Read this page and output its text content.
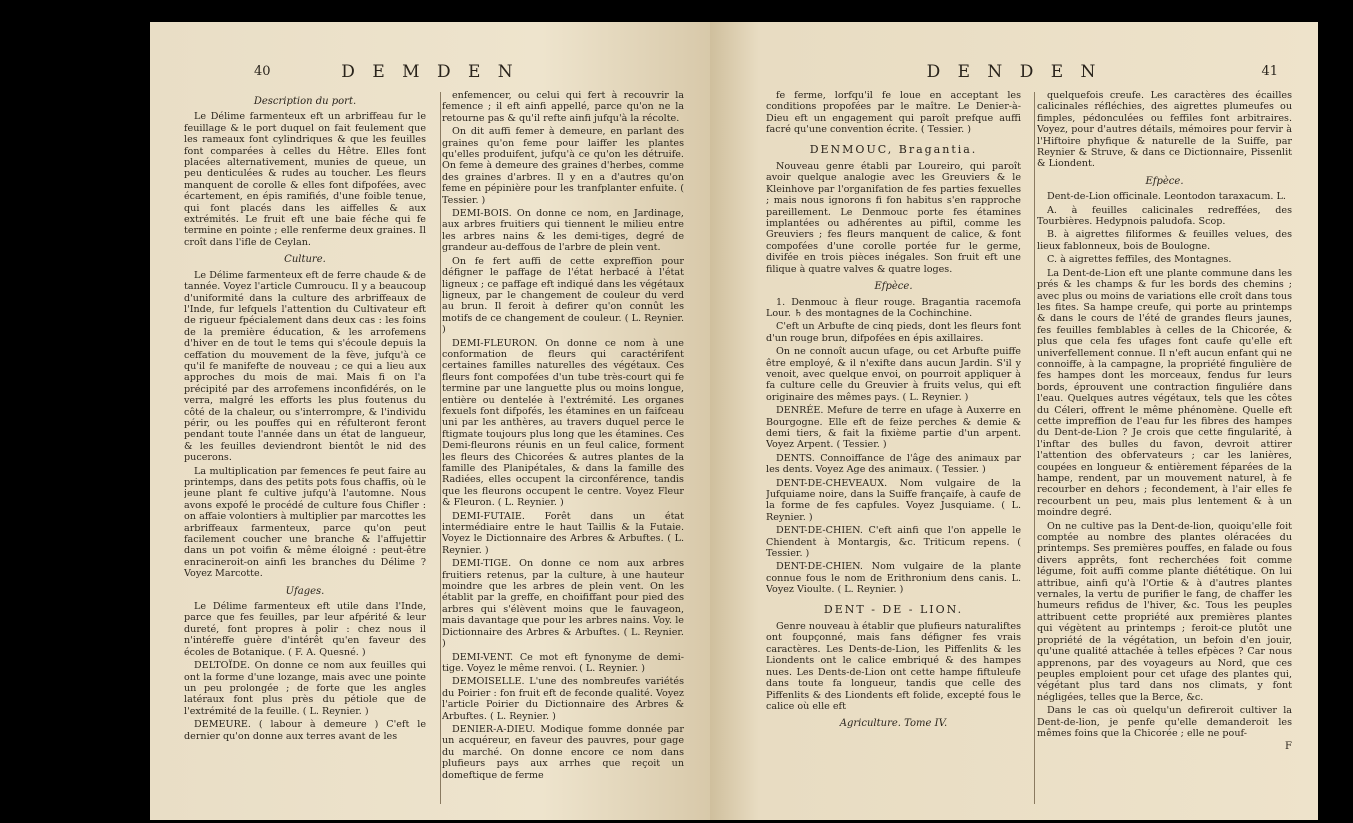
40	D E M D E N
Description du port.

Le Délime farmenteux eft un arbriffeau fur le feuillage & le port duquel on fait feulement que les rameaux font cylindriques & que les feuilles font comparées à celles du Hêtre. Elles font placées alternativement, munies de queue, un peu denticulées & rudes au toucher. Les fleurs manquent de corolle & elles font difpofées, avec écartement, en épis ramifiés, d'une foible tenue, qui font placés dans les aiffelles & aux extrémités. Le fruit eft une baie féche qui fe termine en pointe ; elle renferme deux graines. Il croît dans l'ifle de Ceylan.

Culture.

Le Délime farmenteux eft de ferre chaude & de tannée. Voyez l'article Cumroucu. Il y a beaucoup d'uniformité dans la culture des arbriffeaux de l'Inde, fur lefquels l'attention du Cultivateur eft de rigueur fpécialement dans deux cas : les foins de la première éducation, & les arrofemens d'hiver en de tout le tems qui s'écoule depuis la ceffation du mouvement de la fève, jufqu'à ce qu'il fe manifefte de nouveau ; ce qui a lieu aux approches du mois de mai. Mais fi on l'a précipité par des arrofemens inconfidérés, on le verra, malgré les efforts les plus foutenus du côté de la chaleur, ou s'interrompre, & l'individu périr, ou les pouffes qui en réfulteront feront pendant toute l'année dans un état de langueur, & les feuilles deviendront bientôt le nid des pucerons.

La multiplication par femences fe peut faire au printemps, dans des petits pots fous chaffis, où le jeune plant fe cultive jufqu'à l'automne. Nous avons expofé le procédé de culture fous Chifler : on affaie volontiers à multiplier par marcottes les arbriffeaux farmenteux, parce qu'on peut facilement coucher une branche & l'affujettir dans un pot voifin & même éloigné : peut-être enracineroit-on ainfi les branches du Délime ? Voyez Marcotte.

Ufages.

Le Délime farmenteux eft utile dans l'Inde, parce que fes feuilles, par leur afpérité & leur dureté, font propres à polir : chez nous il n'intéreffe guère d'intérêt qu'en faveur des écoles de Botanique. ( F. A. Quesné. )

DELTOÏDE. On donne ce nom aux feuilles qui ont la forme d'une lozange, mais avec une pointe un peu prolongée ; de forte que les angles latéraux font plus près du pétiole que de l'extrémité de la feuille. ( L. Reynier. )

DEMEURE. ( labour à demeure ) C'eft le dernier qu'on donne aux terres avant de les

enfemencer, ou celui qui fert à recouvrir la femence ; il eft ainfi appellé, parce qu'on ne la retourne pas & qu'il refte ainfi jufqu'à la récolte.

On dit auffi femer à demeure, en parlant des graines qu'on feme pour laiffer les plantes qu'elles produifent, jufqu'à ce qu'on les détruife. On feme à demeure des graines d'herbes, comme des graines d'arbres. Il y en a d'autres qu'on feme en pépinière pour les tranfplanter enfuite. ( Tessier. )

DEMI-BOIS. On donne ce nom, en Jardinage, aux arbres fruitiers qui tiennent le milieu entre les arbres nains & les demi-tiges, degré de grandeur au-deffous de l'arbre de plein vent.

On fe fert auffi de cette expreffion pour défigner le paffage de l'état herbacé à l'état ligneux ; ce paffage eft indiqué dans les végétaux ligneux, par le changement de couleur du verd au brun. Il feroit à defirer qu'on connût les motifs de ce changement de couleur. ( L. Reynier. )

DEMI-FLEURON. On donne ce nom à une conformation de fleurs qui caractérifent certaines familles naturelles des végétaux. Ces fleurs font compofées d'un tube très-court qui fe termine par une languette plus ou moins longue, entière ou dentelée à l'extrémité. Les organes fexuels font difpofés, les étamines en un faifceau uni par les anthères, au travers duquel perce le ftigmate toujours plus long que les étamines. Ces Demi-fleurons réunis en un feul calice, forment les fleurs des Chicorées & autres plantes de la famille des Planipétales, & dans la famille des Radiées, elles occupent la circonférence, tandis que les fleurons occupent le centre. Voyez Fleur & Fleuron. ( L. Reynier. )

DEMI-FUTAIE. Forêt dans un état intermédiaire entre le haut Taillis & la Futaie. Voyez le Dictionnaire des Arbres & Arbuftes. ( L. Reynier. )

DEMI-TIGE. On donne ce nom aux arbres fruitiers retenus, par la culture, à une hauteur moindre que les arbres de plein vent. On les établit par la greffe, en choififfant pour pied des arbres qui s'élèvent moins que le fauvageon, mais davantage que pour les arbres nains. Voy. le Dictionnaire des Arbres & Arbuftes. ( L. Reynier. )

DEMI-VENT. Ce mot eft fynonyme de demi-tige. Voyez le même renvoi. ( L. Reynier. )

DEMOISELLE. L'une des nombreufes variétés du Poirier : fon fruit eft de feconde qualité. Voyez l'article Poirier du Dictionnaire des Arbres & Arbuftes. ( L. Reynier. )

DENIER-A-DIEU. Modique fomme donnée par un acquéreur, en faveur des pauvres, pour gage du marché. On donne encore ce nom dans plufieurs pays aux arrhes que reçoit un domeftique de ferme

41
D E N D E N

fe ferme, lorfqu'il fe loue en acceptant les conditions propofées par le maître. Le Denier-à-Dieu eft un engagement qui paroît prefque auffi facré qu'une convention écrite. ( Tessier. )

DENMOUC, Bragantia.

Nouveau genre établi par Loureiro, qui paroît avoir quelque analogie avec les Greuviers & le Kleinhove par l'organifation de fes parties fexuelles ; mais nous ignorons fi fon habitus s'en rapproche pareillement. Le Denmouc porte fes étamines implantées ou adhérentes au piftil, comme les Greuviers ; fes fleurs manquent de calice, & font compofées d'une corolle portée fur le germe, divifée en trois pièces inégales. Son fruit eft une filique à quatre valves & quatre loges.

Efpèce.

1. Denmouc à fleur rouge. Bragantia racemofa Lour. ♄ des montagnes de la Cochinchine.

C'eft un Arbufte de cinq pieds, dont les fleurs font d'un rouge brun, difpofées en épis axillaires.

On ne connoît aucun ufage, ou cet Arbufte puiffe être employé, & il n'exifte dans aucun Jardin. S'il y venoit, avec quelque envoi, on pourroit appliquer à fa culture celle du Greuvier à fruits velus, qui eft originaire des mêmes pays. ( L. Reynier. )

DENRÉE. Mefure de terre en ufage à Auxerre en Bourgogne. Elle eft de feize perches & demie & demi tiers, & fait la fixième partie d'un arpent. Voyez Arpent. ( Tessier. )

DENTS. Connoiffance de l'âge des animaux par les dents. Voyez Age des animaux. ( Tessier. )

DENT-DE-CHEVEAUX. Nom vulgaire de la Jufquiame noire, dans la Suiffe françaife, à caufe de la forme de fes capfules. Voyez Jusquiame. ( L. Reynier. )

DENT-DE-CHIEN. C'eft ainfi que l'on appelle le Chiendent à Montargis, &c. Triticum repens. ( Tessier. )

DENT-DE-CHIEN. Nom vulgaire de la plante connue fous le nom de Erithronium dens canis. L. Voyez Vioulte. ( L. Reynier. )

DENT - DE - LION.

Genre nouveau à établir que plufieurs naturaliftes ont foupçonné, mais fans défigner fes vrais caractères. Les Dents-de-Lion, les Piffenlits & les Liondents ont le calice embriqué & des hampes nues. Les Dents-de-Lion ont cette hampe fiftuleufe dans toute fa longueur, tandis que celle des Piffenlits & des Liondents eft folide, excepté fous le calice où elle eft

Agriculture. Tome IV.

quelquefois creufe. Les caractères des écailles calicinales réfléchies, des aigrettes plumeufes ou fimples, pédonculées ou feffiles font arbitraires. Voyez, pour d'autres détails, mémoires pour fervir à l'Hiftoire phyfique & naturelle de la Suiffe, par Reynier & Struve, & dans ce Dictionnaire, Pissenlit & Liondent.

Efpèce.

Dent-de-Lion officinale. Leontodon taraxacum. L.

A. à feuilles calicinales redreffées, des Tourbières. Hedypnois paludofa. Scop.

B. à aigrettes filiformes & feuilles velues, des lieux fablonneux, bois de Boulogne.

C. à aigrettes feffiles, des Montagnes.

La Dent-de-Lion eft une plante commune dans les prés & les champs & fur les bords des chemins ; avec plus ou moins de variations elle croît dans tous les fites. Sa hampe creufe, qui porte au printemps & dans le cours de l'été de grandes fleurs jaunes, fes feuilles femblables à celles de la Chicorée, & plus que cela fes ufages font caufe qu'elle eft univerfellement connue. Il n'eft aucun enfant qui ne connoiffe, à la campagne, la propriété fingulière de fes hampes dont les morceaux, fendus fur leurs bords, éprouvent une contraction finguliére dans l'eau. Quelques autres végétaux, tels que les côtes du Céleri, offrent le même phénomène. Quelle eft cette impreffion de l'eau fur les fibres des hampes du Dent-de-Lion ? Je crois que cette fingularité, à l'inftar des bulles du favon, devroit attirer l'attention des obfervateurs ; car les lanières, coupées en longueur & entièrement féparées de la hampe, rendent, par un mouvement naturel, à fe recourber en dehors ; fecondement, à l'air elles fe recourbent un peu, mais plus lentement & à un moindre degré.

On ne cultive pas la Dent-de-lion, quoiqu'elle foit comptée au nombre des plantes oléracées du printemps. Ses premières pouffes, en falade ou fous divers apprêts, font recherchées foit comme légume, foit auffi comme plante diététique. On lui attribue, ainfi qu'à l'Ortie & à d'autres plantes vernales, la vertu de purifier le fang, de chaffer les humeurs refidus de l'hiver, &c. Tous les peuples attribuent cette propriété aux premières plantes qui végètent au printemps ; feroit-ce plutôt une propriété de la végétation, un befoin d'en jouir, qu'une qualité attachée à telles efpèces ? Car nous apprenons, par des voyageurs au Nord, que ces peuples emploient pour cet ufage des plantes qui, végétant plus tard dans nos climats, y font négligées, telles que la Berce, &c.

Dans le cas où quelqu'un defireroit cultiver la Dent-de-lion, je penfe qu'elle demanderoit les mêmes foins que la Chicorée ; elle ne pouf-

F
